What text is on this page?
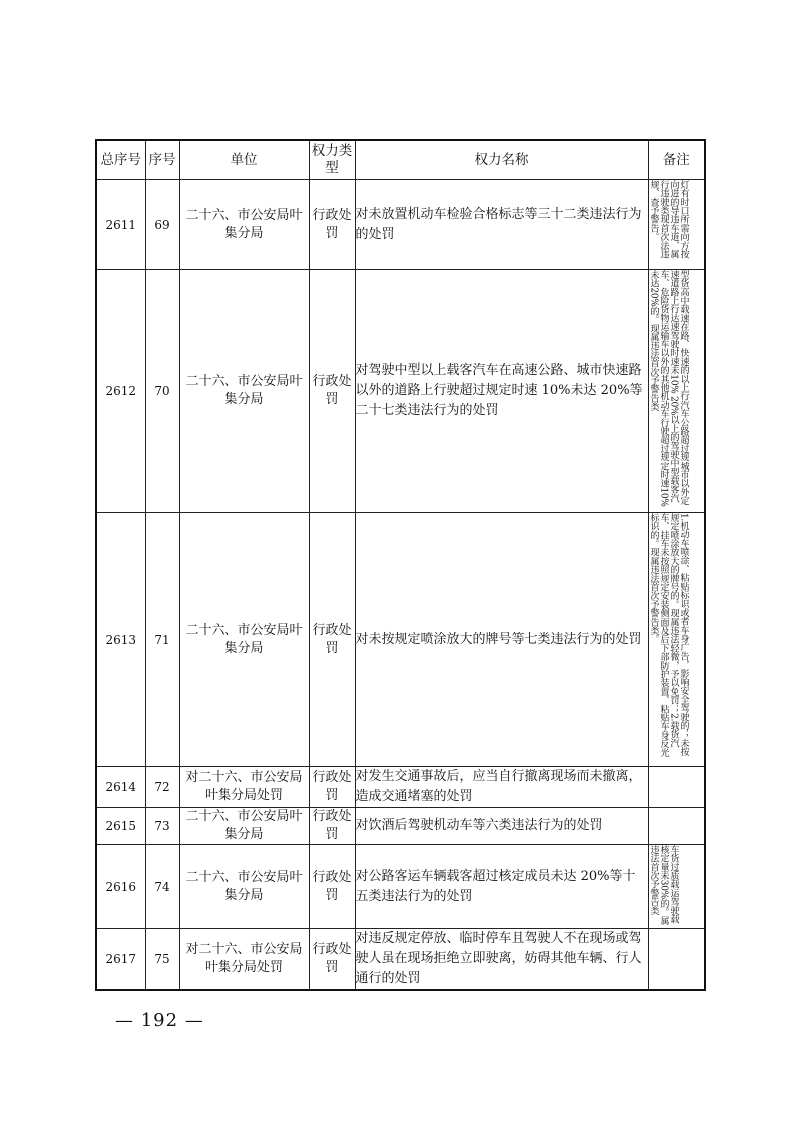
总序号	序号	单位	权力类型	权力名称	备注
2611	69	二十六、市公安局叶集分局	行政处罚	对未放置机动车检验合格标志等三十二类违法行为的处罚	灯有时口所需向方按向进的导违车道、属行违驶类现首次法违规、查予警告。

2612	70	二十六、市公安局叶集分局	行政处罚	对驾驶中型以上载客汽车在高速公路、城市快速路以外的道路上行驶超过规定时速 10%未达 20%等二十七类违法行为的处罚	型货高中载速在路、快速的以上行汽车公路超过规城市以外定速道路上行达速驾驶时速未10% 20%以上的驾驶中型载客汽车、危险货物运输车以外的其他机动车行驶超过规定时速10%未达20%的。现属违法首次予警告类

2613	71	二十六、市公安局叶集分局	行政处罚	对未按规定喷涂放大的牌号等七类违法行为的处罚	1.机动车喷涂、粘贴标识或者车身广告，影响安全驾驶的；未按规定喷涂放大的牌号的。现属违法轻微，予以免罚；2.载货汽车、挂车未按照规定安装侧面及后下部防护装置、粘贴车身反光标识的。现属违法首次予警告类。

2614	72	对二十六、市公安局叶集分局处罚	行政处罚	对发生交通事故后，应当自行撤离现场而未撤离，造成交通堵塞的处罚	
2615	73	二十六、市公安局叶集分局	行政处罚	对饮酒后驾驶机动车等六类违法行为的处罚	
2616	74	二十六、市公安局叶集分局	行政处罚	对公路客运车辆载客超过核定成员未达 20%等十五类违法行为的处罚	车货过质载运驾驶载核定量未30%的。属违法首次予警告类

2617	75	对二十六、市公安局叶集分局处罚	行政处罚	对违反规定停放、临时停车且驾驶人不在现场或驾驶人虽在现场拒绝立即驶离，妨碍其他车辆、行人通行的处罚	
— 192 —
